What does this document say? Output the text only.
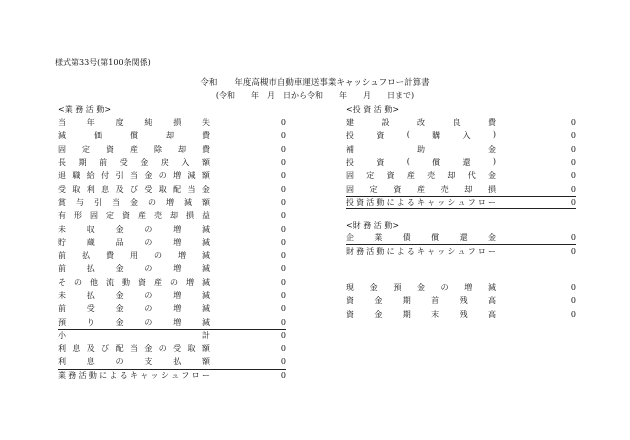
様式第33号(第100条関係)
令和　　年度高槻市自動車運送事業キャッシュフロー計算書
(令和　　年　月　日から令和　　年　　月　　日まで)
<業 務 活 動>
当	年	度	純	損	失	0
減	価	償	却	費	0
固 定 資 産 除 却 費	0
長 期 前 受 金 戻 入 額	0
退 職 給 付 引 当 金 の 増 減 額	0
受 取 利 息 及 び 受 取 配 当 金	0
賞 与 引 当 金 の 増 減 額	0
有 形 固 定 資 産 売 却 損 益	0
未	収	金	の	増	減	0
貯	蔵	品	の	増	減	0
前 払 費 用 の 増 減	0
前	払	金	の	増	減	0
そ の 他 流 動 資 産 の 増 減	0
未	払	金	の	増	減	0
前	受	金	の	増	減	0
預	り	金	の	増	減	0
小	計	0
利 息 及 び 配 当 金 の 受 取 額	0
利	息	の	支	払	額	0
業 務 活 動 に よ る キ ャ ッ シ ュ フ ロ ー	0
<投 資 活 動>
建	設	改	良	費	0
投	資	(	購	入	)	0
補	助	金	0
投	資	(	償	還	)	0
固 定 資 産 売 却 代 金	0
固 定 資 産 売 却 損	0
投 資 活 動 に よ る キ ャ ッ シ ュ フ ロ ー	0
<財 務 活 動>
企	業	債	償	還	金	0
財 務 活 動 に よ る キ ャ ッ シ ュ フ ロ ー	0
現 金 預 金 の 増 減	0
資	金	期	首	残	高	0
資	金	期	末	残	高	0
